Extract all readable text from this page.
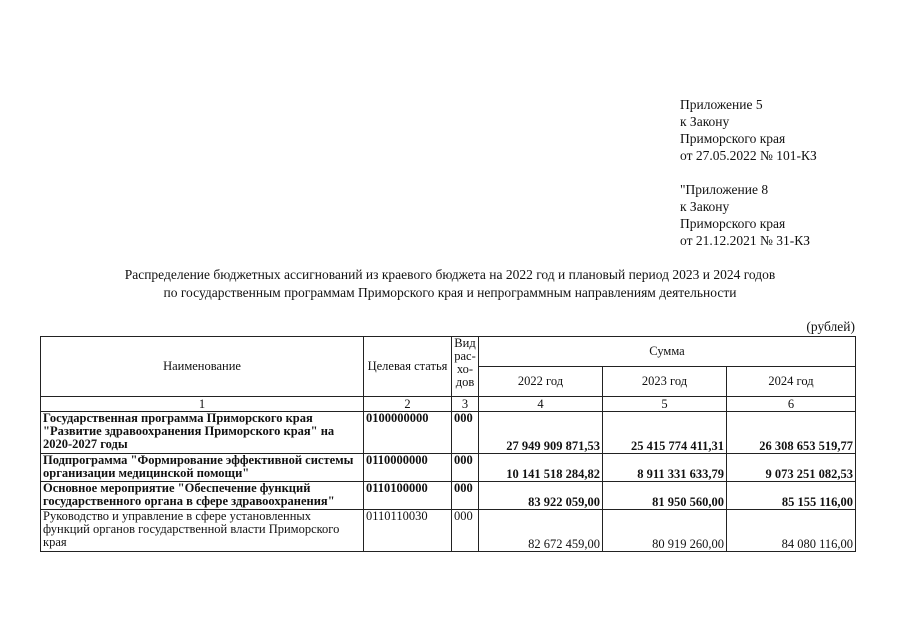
Приложение 5
к Закону
Приморского края
от 27.05.2022 № 101-КЗ
"Приложение 8
к Закону
Приморского края
от 21.12.2021 № 31-КЗ
Распределение бюджетных ассигнований из краевого бюджета на 2022 год и плановый период 2023 и 2024 годов
по государственным программам Приморского края и непрограммным направлениям деятельности
(рублей)
Наименование	Целевая статья	Вид рас- хо- дов	Сумма		
			2022 год	2023 год	2024 год
1	2	3	4	5	6
Государственная программа Приморского края "Развитие здравоохранения Приморского края" на 2020-2027 годы	0100000000	000	27 949 909 871,53	25 415 774 411,31	26 308 653 519,77
Подпрограмма "Формирование эффективной системы организации медицинской помощи"	0110000000	000	10 141 518 284,82	8 911 331 633,79	9 073 251 082,53
Основное мероприятие "Обеспечение функций государственного органа в сфере здравоохранения"	0110100000	000	83 922 059,00	81 950 560,00	85 155 116,00
Руководство и управление в сфере установленных функций органов государственной власти Приморского края	0110110030	000	82 672 459,00	80 919 260,00	84 080 116,00
